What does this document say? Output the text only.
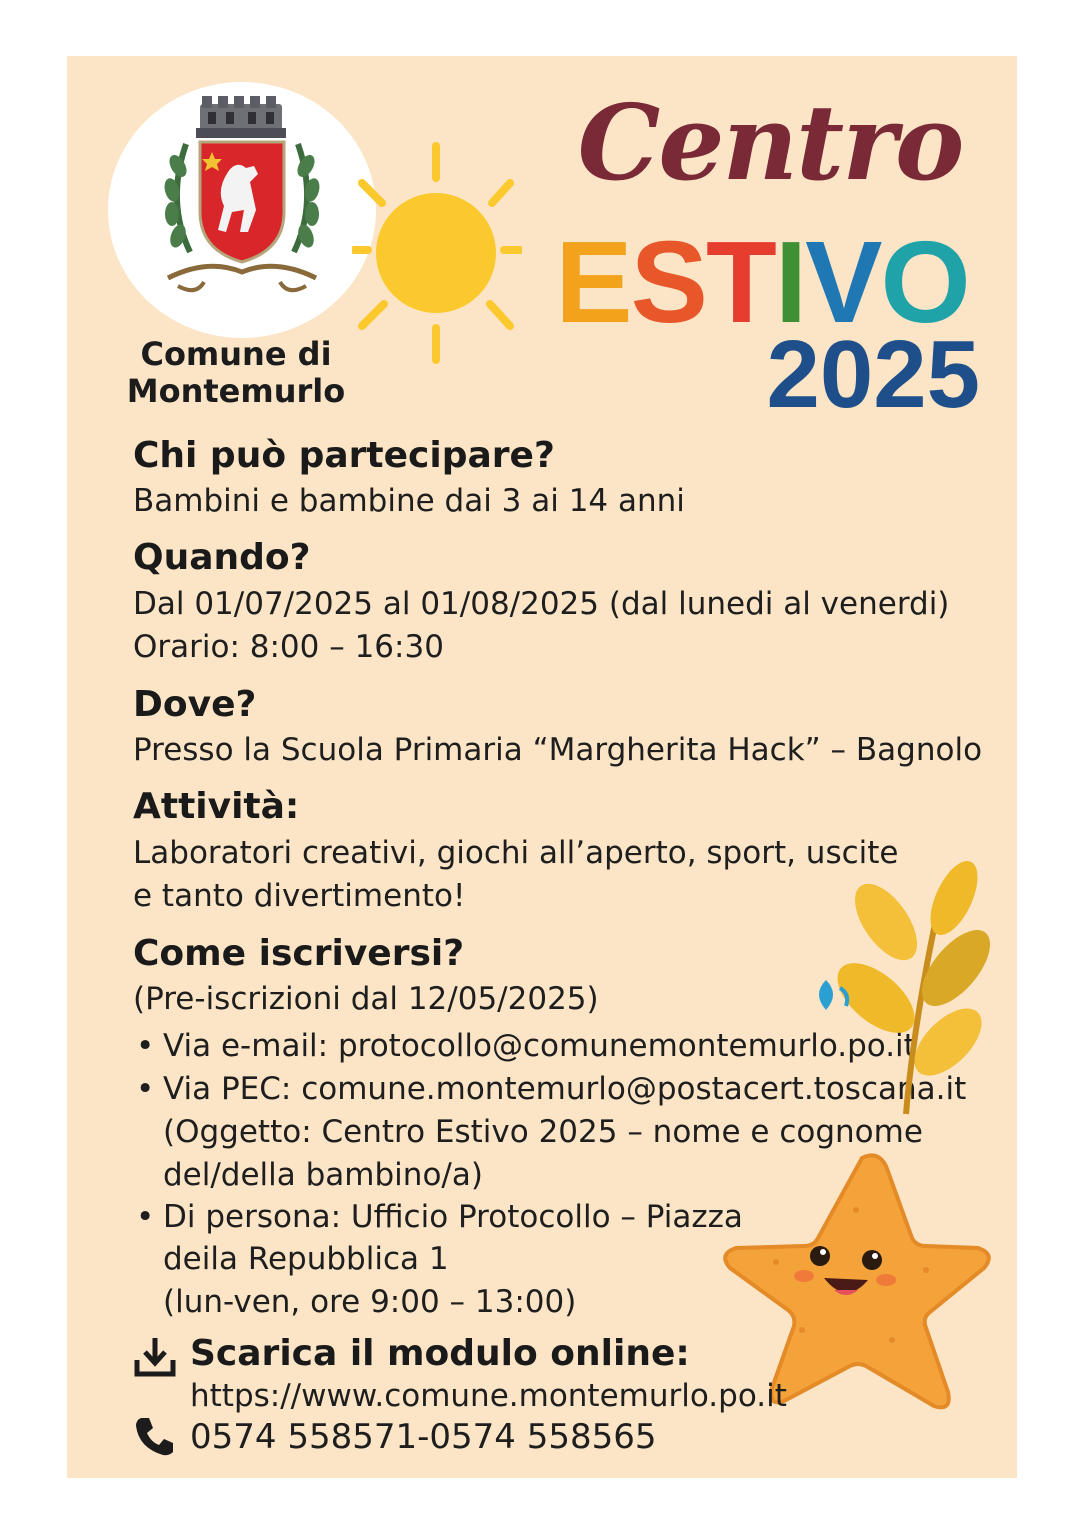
Comune di
Montemurlo
Centro
ESTIVO
2025
Chi può partecipare?
Bambini e bambine dai 3 ai 14 anni
Quando?
Dal 01/07/2025 al 01/08/2025 (dal lunedi al venerdi)
Orario: 8:00 – 16:30
Dove?
Presso la Scuola Primaria “Margherita Hack” – Bagnolo
Attività:
Laboratori creativi, giochi all’aperto, sport, uscite
e tanto divertimento!
Come iscriversi?
(Pre-iscrizioni dal 12/05/2025)
• Via e-mail: protocollo@comunemontemurlo.po.it
• Via PEC: comune.montemurlo@postacert.toscana.it
(Oggetto: Centro Estivo 2025 – nome e cognome
del/della bambino/a)
• Di persona: Ufficio Protocollo – Piazza
deila Repubblica 1
(lun-ven, ore 9:00 – 13:00)
Scarica il modulo online:
https://www.comune.montemurlo.po.it
0574 558571-0574 558565
